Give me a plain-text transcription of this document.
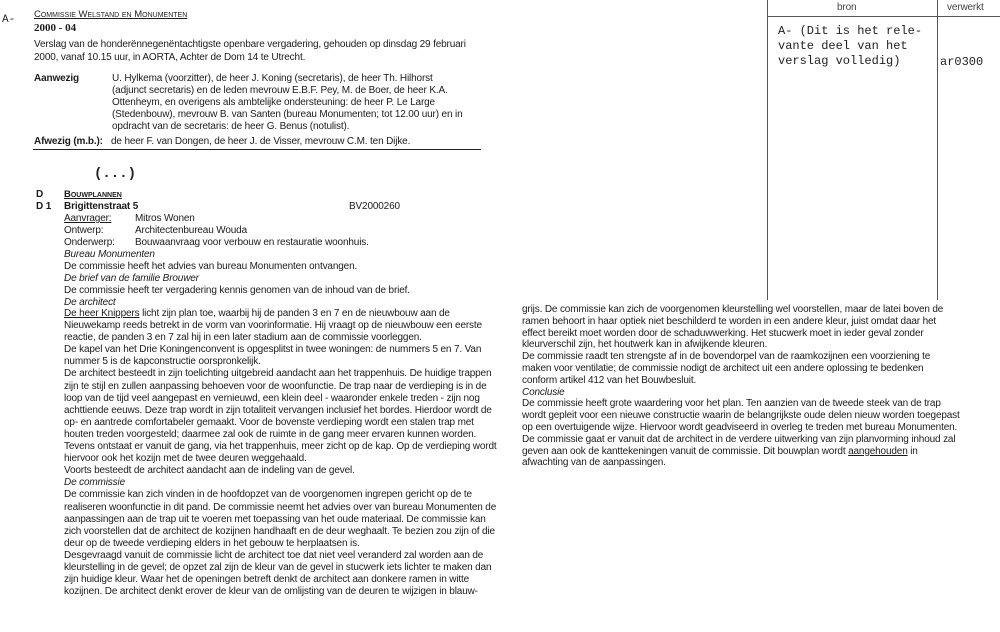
A- Commissie Welstand en Monumenten
2000 - 04
Verslag van de honderënnegenëntachtigste openbare vergadering, gehouden op dinsdag 29 februari
2000, vanaf 10.15 uur, in AORTA, Achter de Dom 14 te Utrecht.
Aanwezig	U. Hylkema (voorzitter), de heer J. Koning (secretaris), de heer Th. Hilhorst
(adjunct secretaris) en de leden mevrouw E.B.F. Pey, M. de Boer, de heer K.A.
Ottenheym, en overigens als ambtelijke ondersteuning: de heer P. Le Large
(Stedenbouw), mevrouw B. van Santen (bureau Monumenten; tot 12.00 uur) en in
opdracht van de secretaris: de heer G. Benus (notulist).
Afwezig (m.b.): de heer F. van Dongen, de heer J. de Visser, mevrouw C.M. ten Dijke.
(...)
D Bouwplannen
D 1 Brigittenstraat 5	BV2000260
Aanvrager: Mitros Wonen
Ontwerp:	Architectenbureau Wouda
Onderwerp: Bouwaanvraag voor verbouw en restauratie woonhuis.
Bureau Monumenten
De commissie heeft het advies van bureau Monumenten ontvangen.
De brief van de familie Brouwer
De commissie heeft ter vergadering kennis genomen van de inhoud van de brief.
De architect
De heer Knippers licht zijn plan toe, waarbij hij de panden 3 en 7 en de nieuwbouw aan de
Nieuwekamp reeds betrekt in de vorm van voorinformatie. Hij vraagt op de nieuwbouw een eerste
reactie, de panden 3 en 7 zal hij in een later stadium aan de commissie voorleggen.
De kapel van het Drie Koningenconvent is opgesplitst in twee woningen: de nummers 5 en 7. Van
nummer 5 is de kapconstructie oorspronkelijk.
De architect besteedt in zijn toelichting uitgebreid aandacht aan het trappenhuis. De huidige trappen
zijn te stijl en zullen aanpassing behoeven voor de woonfunctie. De trap naar de verdieping is in de
loop van de tijd veel aangepast en vernieuwd, een klein deel - waaronder enkele treden - zijn nog
achttiende eeuws. Deze trap wordt in zijn totaliteit vervangen inclusief het bordes. Hierdoor wordt de
op- en aantrede comfortabeler gemaakt. Voor de bovenste verdieping wordt een stalen trap met
houten treden voorgesteld; daarmee zal ook de ruimte in de gang meer ervaren kunnen worden.
Tevens ontstaat er vanuit de gang, via het trappenhuis, meer zicht op de kap. Op de verdieping wordt
hiervoor ook het kozijn met de twee deuren weggehaald.
Voorts besteedt de architect aandacht aan de indeling van de gevel.
De commissie
De commissie kan zich vinden in de hoofdopzet van de voorgenomen ingrepen gericht op de te
realiseren woonfunctie in dit pand. De commissie neemt het advies over van bureau Monumenten de
aanpassingen aan de trap uit te voeren met toepassing van het oude materiaal. De commissie kan
zich voorstellen dat de architect de kozijnen handhaaft en de deur weghaalt. Te bezien zou zijn of die
deur op de tweede verdieping elders in het gebouw te herplaatsen is.
Desgevraagd vanuit de commissie licht de architect toe dat niet veel veranderd zal worden aan de
kleurstelling in de gevel; de opzet zal zijn de kleur van de gevel in stucwerk iets lichter te maken dan
zijn huidige kleur. Waar het de openingen betreft denkt de architect aan donkere ramen in witte
kozijnen. De architect denkt erover de kleur van de omlijsting van de deuren te wijzigen in blauw-
grijs. De commissie kan zich de voorgenomen kleurstelling wel voorstellen, maar de latei boven de
ramen behoort in haar optiek niet beschilderd te worden in een andere kleur, juist omdat daar het
effect bereikt moet worden door de schaduwwerking. Het stucwerk moet in ieder geval zonder
kleurverschil zijn, het houtwerk kan in afwijkende kleuren.
De commissie raadt ten strengste af in de bovendorpel van de raamkozijnen een voorziening te
maken voor ventilatie; de commissie nodigt de architect uit een andere oplossing te bedenken
conform artikel 412 van het Bouwbesluit.
Conclusie
De commissie heeft grote waardering voor het plan. Ten aanzien van de tweede steek van de trap
wordt gepleit voor een nieuwe constructie waarin de belangrijkste oude delen nieuw worden toegepast
op een overtuigende wijze. Hiervoor wordt geadviseerd in overleg te treden met bureau Monumenten.
De commissie gaat er vanuit dat de architect in de verdere uitwerking van zijn planvorming inhoud zal
geven aan ook de kanttekeningen vanuit de commissie. Dit bouwplan wordt aangehouden in
afwachting van de aanpassingen.
bron	verwerkt
A- (Dit is het rele-
vante deel van het
verslag volledig)	ar0300
